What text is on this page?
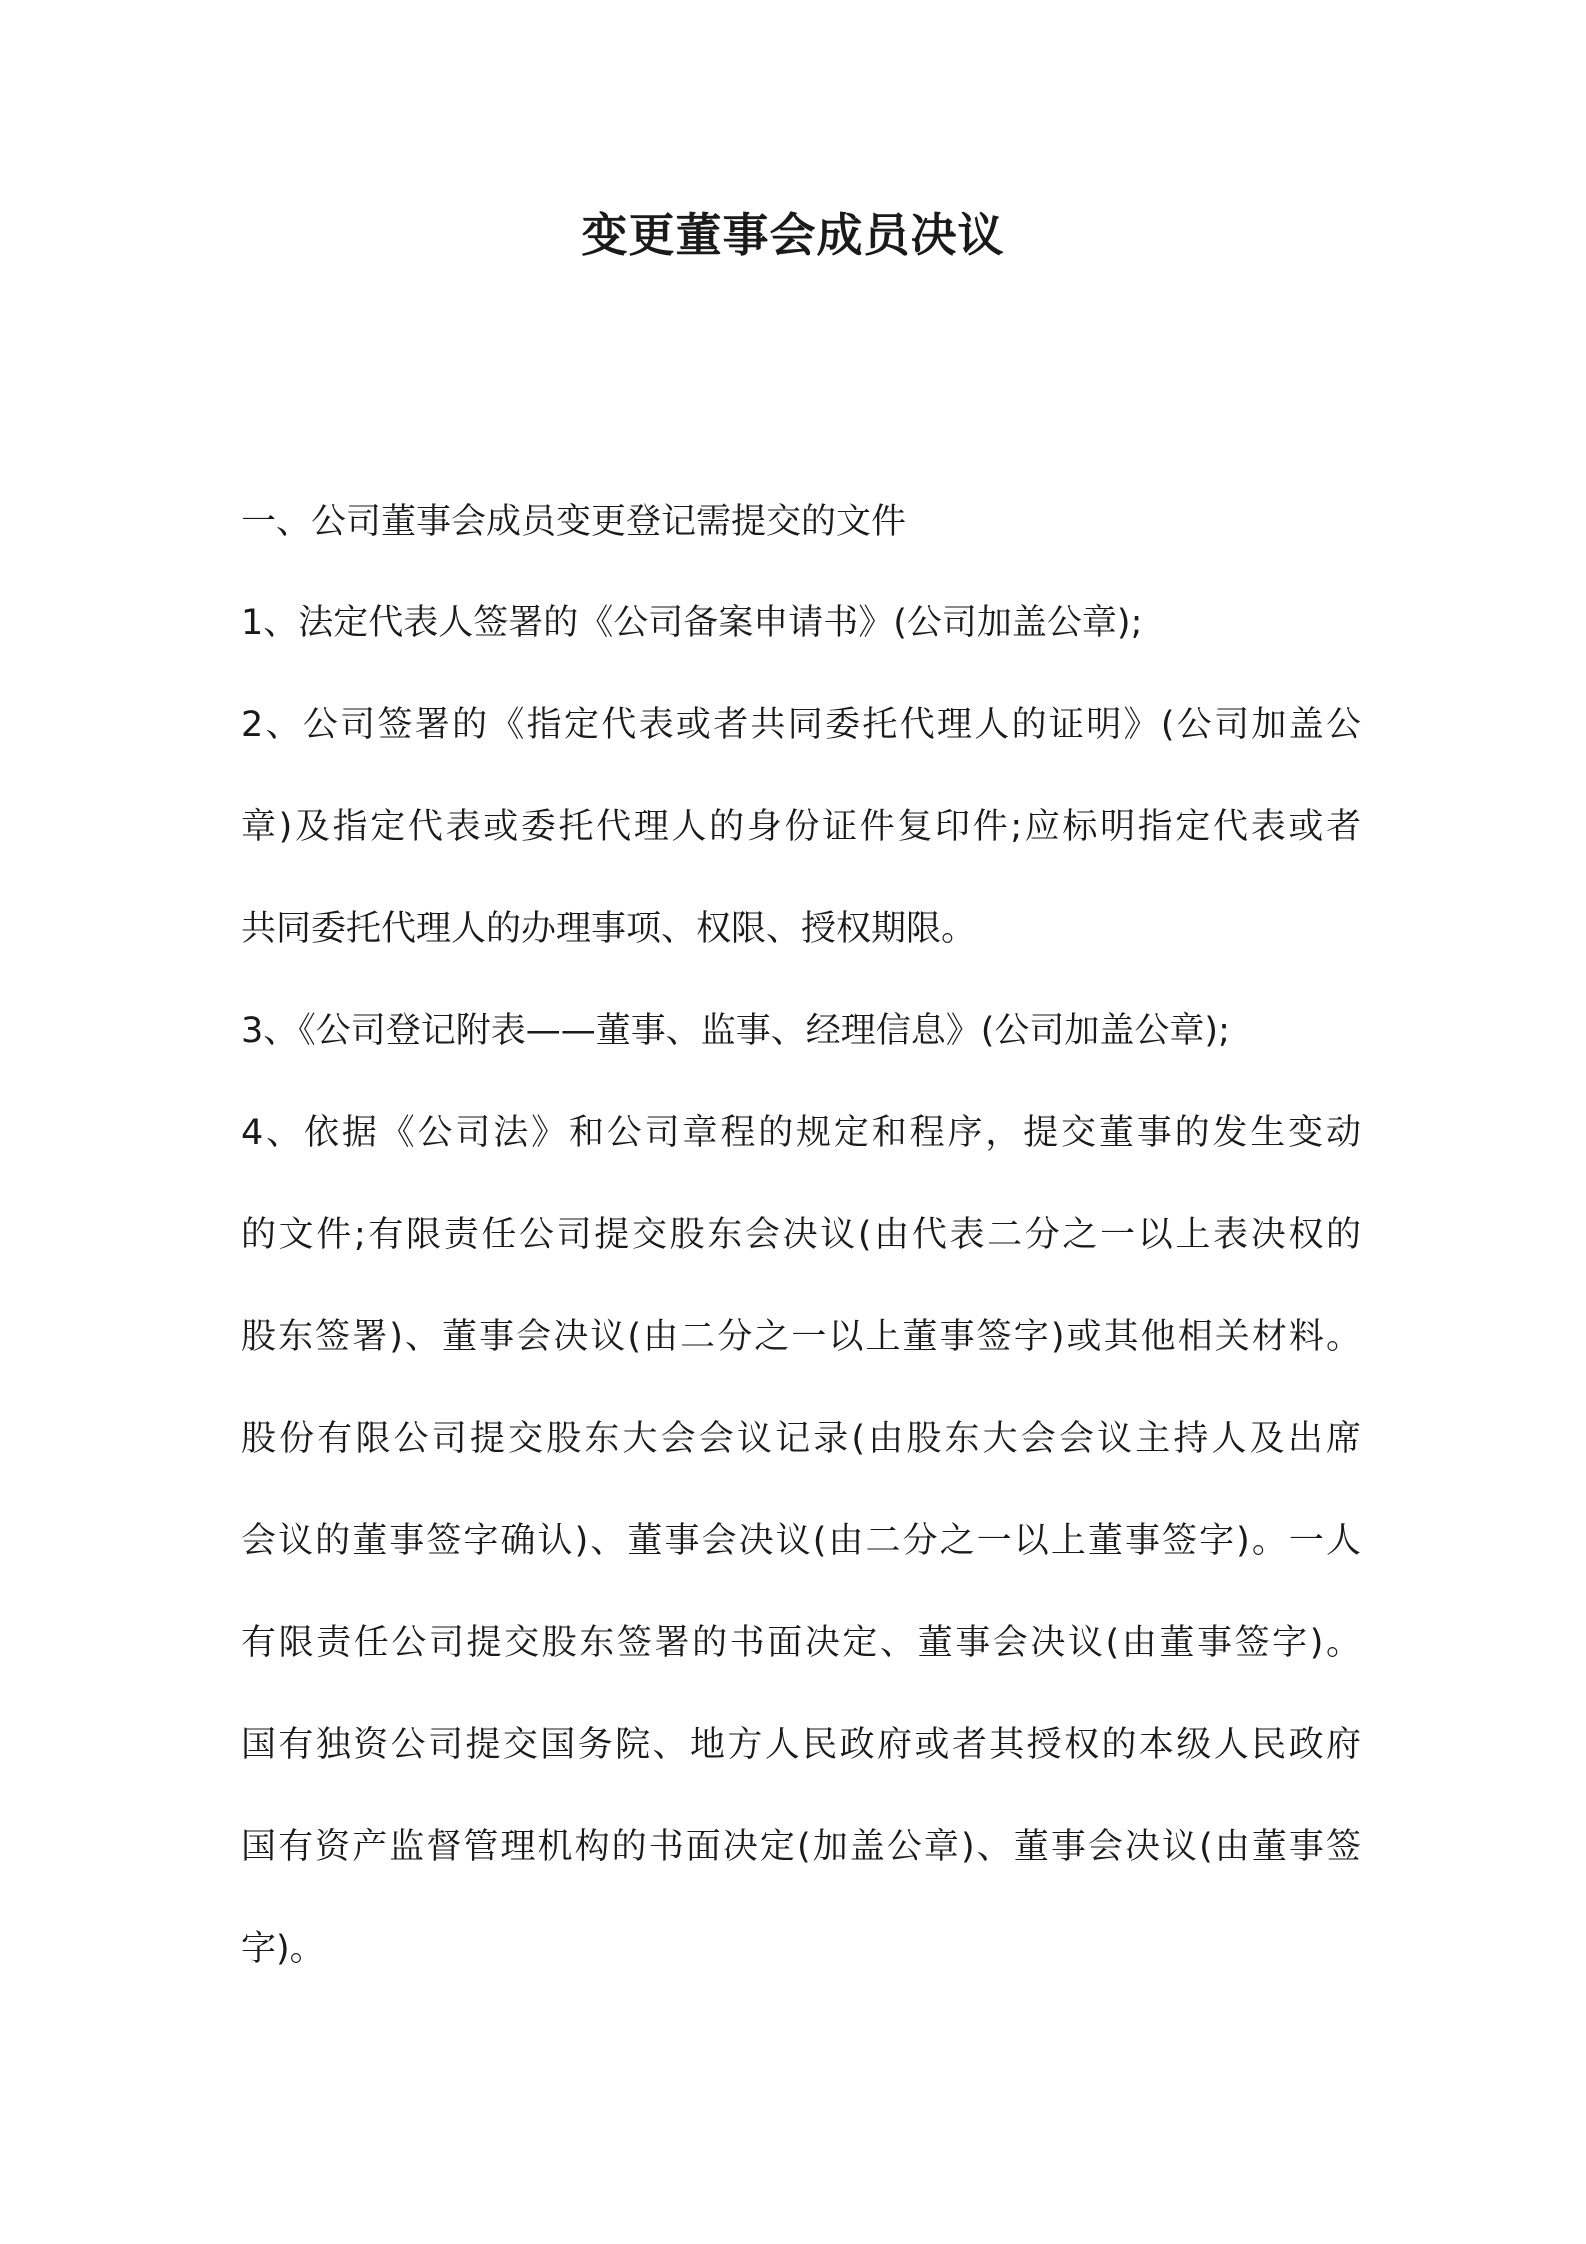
变更董事会成员决议
一、公司董事会成员变更登记需提交的文件
1、法定代表人签署的《公司备案申请书》(公司加盖公章);
2、公司签署的《指定代表或者共同委托代理人的证明》(公司加盖公
章)及指定代表或委托代理人的身份证件复印件;应标明指定代表或者
共同委托代理人的办理事项、权限、授权期限。
3、《公司登记附表——董事、监事、经理信息》(公司加盖公章);
4、依据《公司法》和公司章程的规定和程序，提交董事的发生变动
的文件;有限责任公司提交股东会决议(由代表二分之一以上表决权的
股东签署)、董事会决议(由二分之一以上董事签字)或其他相关材料。
股份有限公司提交股东大会会议记录(由股东大会会议主持人及出席
会议的董事签字确认)、董事会决议(由二分之一以上董事签字)。一人
有限责任公司提交股东签署的书面决定、董事会决议(由董事签字)。
国有独资公司提交国务院、地方人民政府或者其授权的本级人民政府
国有资产监督管理机构的书面决定(加盖公章)、董事会决议(由董事签
字)。
